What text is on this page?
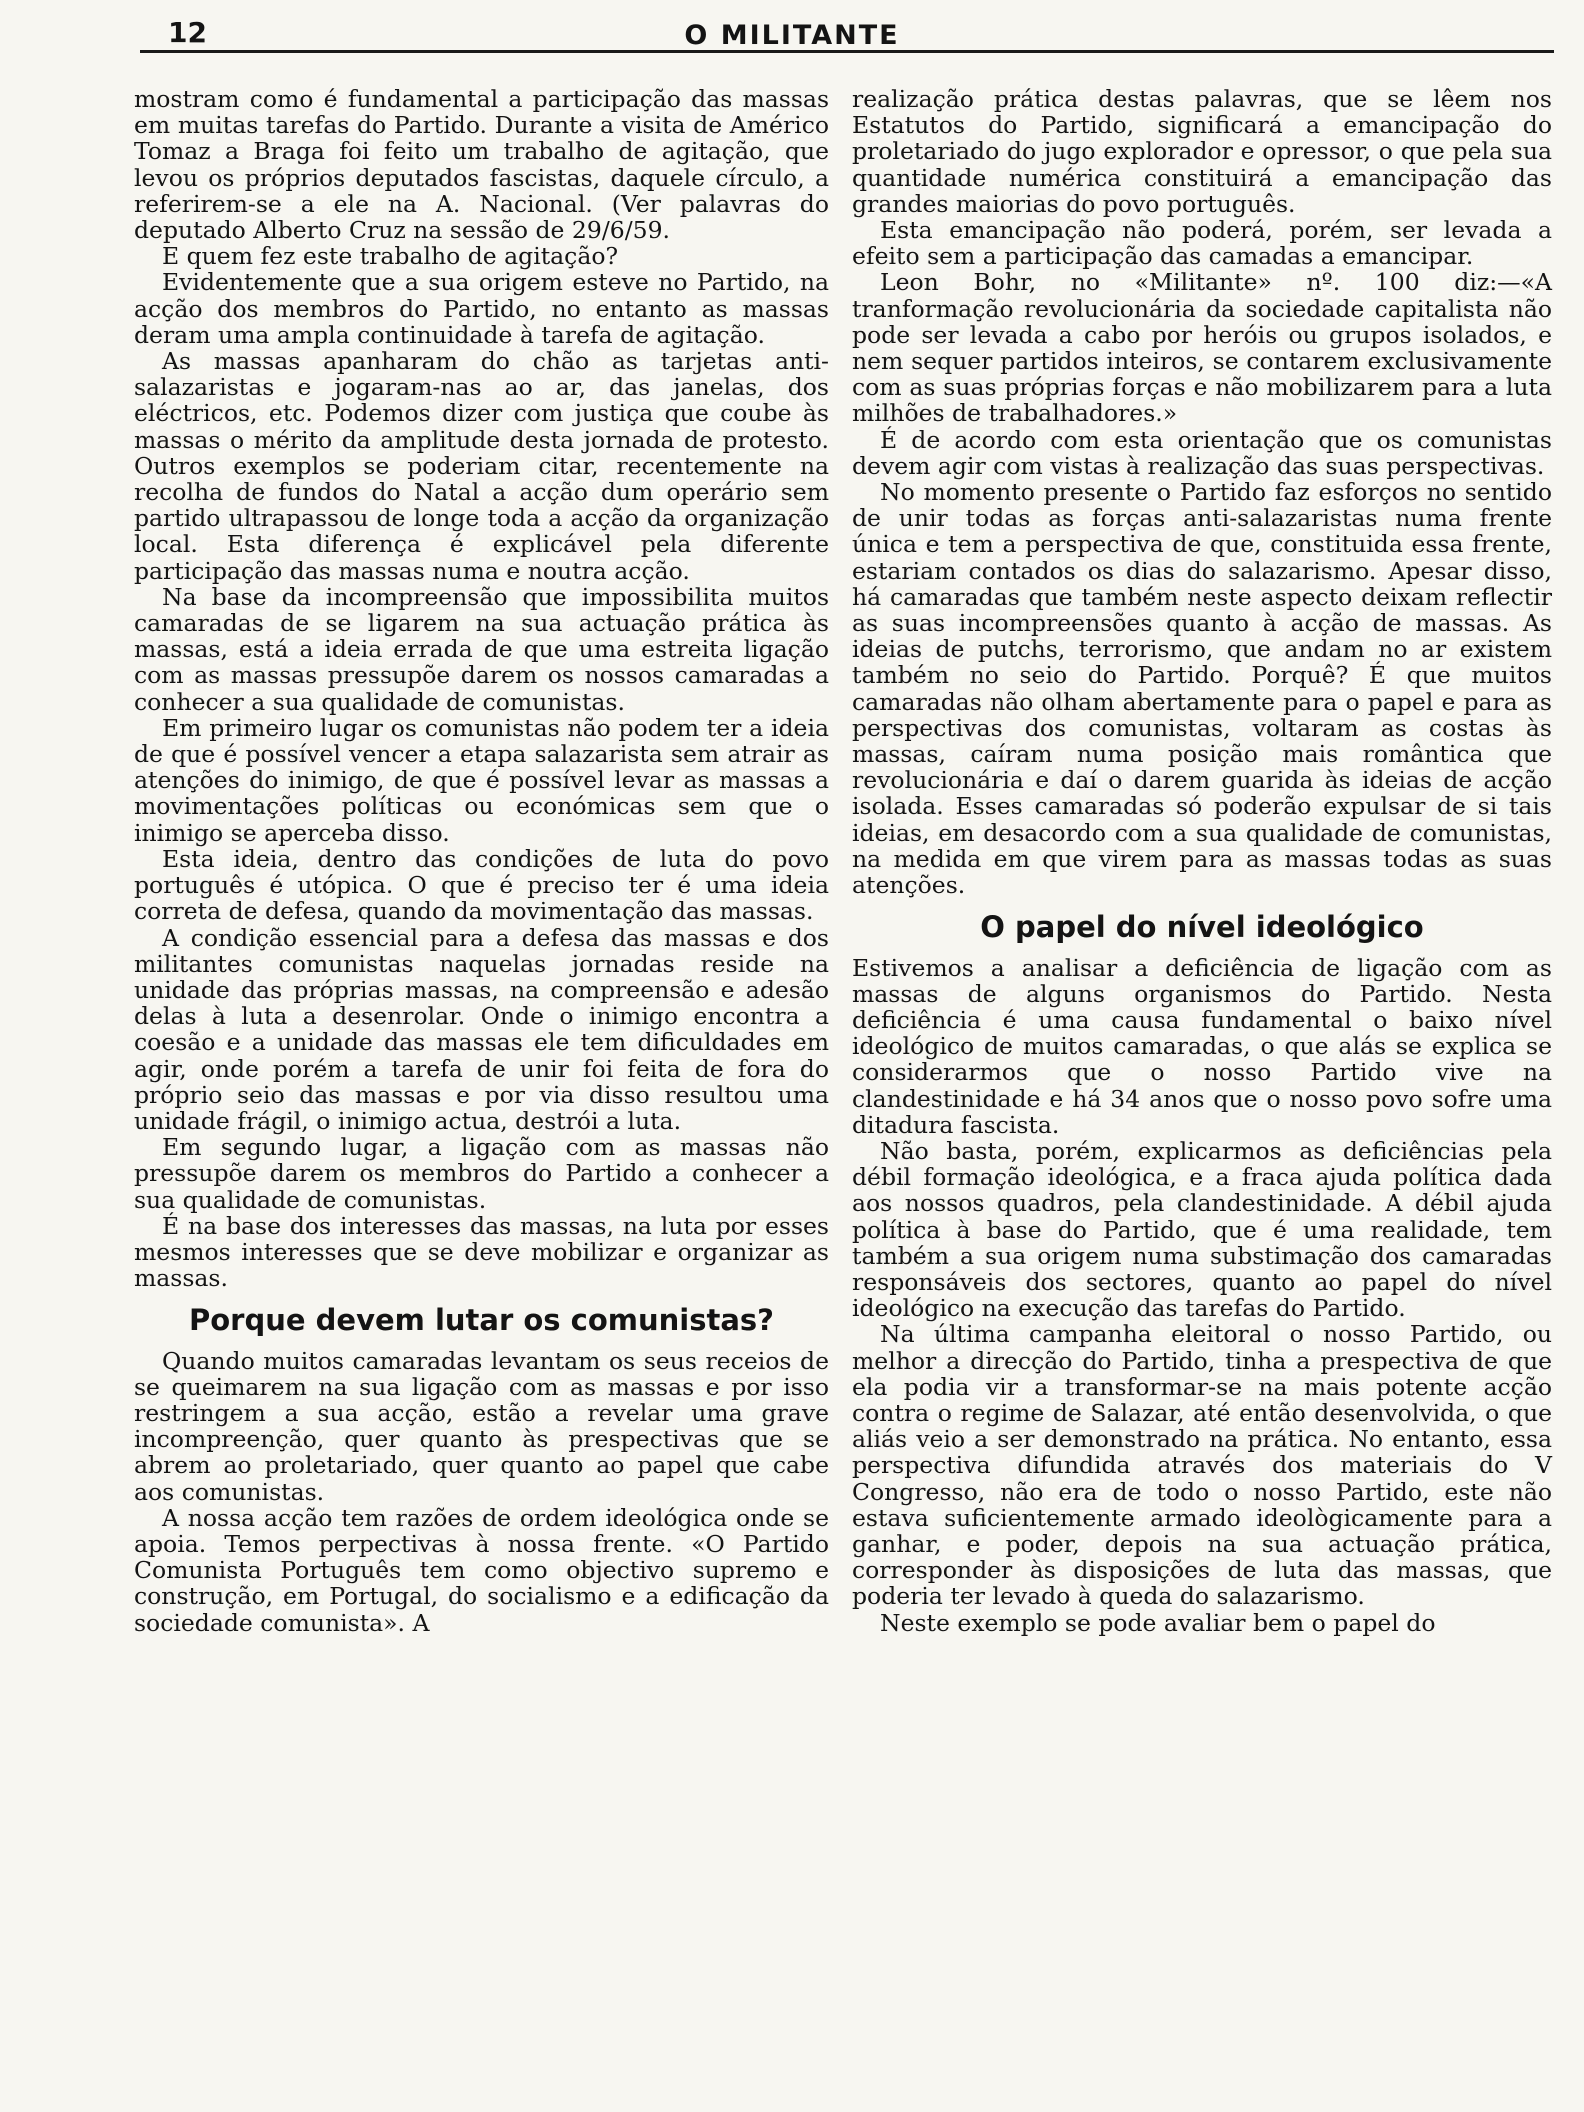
12	O MILITANTE

mostram como é fundamental a participação das massas em muitas tarefas do Partido. Durante a visita de Américo Tomaz a Braga foi feito um trabalho de agitação, que levou os próprios deputados fascistas, daquele círculo, a referirem-se a ele na A. Nacional. (Ver palavras do deputado Alberto Cruz na sessão de 29/6/59.

E quem fez este trabalho de agitação?

Evidentemente que a sua origem esteve no Partido, na acção dos membros do Partido, no entanto as massas deram uma ampla continuidade à tarefa de agitação.

As massas apanharam do chão as tarjetas anti-salazaristas e jogaram-nas ao ar, das janelas, dos eléctricos, etc. Podemos dizer com justiça que coube às massas o mérito da amplitude desta jornada de protesto. Outros exemplos se poderiam citar, recentemente na recolha de fundos do Natal a acção dum operário sem partido ultrapassou de longe toda a acção da organização local. Esta diferença é explicável pela diferente participação das massas numa e noutra acção.

Na base da incompreensão que impossibilita muitos camaradas de se ligarem na sua actuação prática às massas, está a ideia errada de que uma estreita ligação com as massas pressupõe darem os nossos camaradas a conhecer a sua qualidade de comunistas.

Em primeiro lugar os comunistas não podem ter a ideia de que é possível vencer a etapa salazarista sem atrair as atenções do inimigo, de que é possível levar as massas a movimentações políticas ou económicas sem que o inimigo se aperceba disso.

Esta ideia, dentro das condições de luta do povo português é utópica. O que é preciso ter é uma ideia correta de defesa, quando da movimentação das massas.

A condição essencial para a defesa das massas e dos militantes comunistas naquelas jornadas reside na unidade das próprias massas, na compreensão e adesão delas à luta a desenrolar. Onde o inimigo encontra a coesão e a unidade das massas ele tem dificuldades em agir, onde porém a tarefa de unir foi feita de fora do próprio seio das massas e por via disso resultou uma unidade frágil, o inimigo actua, destrói a luta.

Em segundo lugar, a ligação com as massas não pressupõe darem os membros do Partido a conhecer a sua qualidade de comunistas.

É na base dos interesses das massas, na luta por esses mesmos interesses que se deve mobilizar e organizar as massas.

Porque devem lutar os comunistas?

Quando muitos camaradas levantam os seus receios de se queimarem na sua ligação com as massas e por isso restringem a sua acção, estão a revelar uma grave incompreenção, quer quanto às prespectivas que se abrem ao proletariado, quer quanto ao papel que cabe aos comunistas.

A nossa acção tem razões de ordem ideológica onde se apoia. Temos perpectivas à nossa frente. «O Partido Comunista Português tem como objectivo supremo e construção, em Portugal, do socialismo e a edificação da sociedade comunista». A

realização prática destas palavras, que se lêem nos Estatutos do Partido, significará a emancipação do proletariado do jugo explorador e opressor, o que pela sua quantidade numérica constituirá a emancipação das grandes maiorias do povo português.

Esta emancipação não poderá, porém, ser levada a efeito sem a participação das camadas a emancipar.

Leon Bohr, no «Militante» nº. 100 diz:—«A tranformação revolucionária da sociedade capitalista não pode ser levada a cabo por heróis ou grupos isolados, e nem sequer partidos inteiros, se contarem exclusivamente com as suas próprias forças e não mobilizarem para a luta milhões de trabalhadores.»

É de acordo com esta orientação que os comunistas devem agir com vistas à realização das suas perspectivas.

No momento presente o Partido faz esforços no sentido de unir todas as forças anti-salazaristas numa frente única e tem a perspectiva de que, constituida essa frente, estariam contados os dias do salazarismo. Apesar disso, há camaradas que também neste aspecto deixam reflectir as suas incompreensões quanto à acção de massas. As ideias de putchs, terrorismo, que andam no ar existem também no seio do Partido. Porquê? É que muitos camaradas não olham abertamente para o papel e para as perspectivas dos comunistas, voltaram as costas às massas, caíram numa posição mais romântica que revolucionária e daí o darem guarida às ideias de acção isolada. Esses camaradas só poderão expulsar de si tais ideias, em desacordo com a sua qualidade de comunistas, na medida em que virem para as massas todas as suas atenções.

O papel do nível ideológico

Estivemos a analisar a deficiência de ligação com as massas de alguns organismos do Partido. Nesta deficiência é uma causa fundamental o baixo nível ideológico de muitos camaradas, o que alás se explica se considerarmos que o nosso Partido vive na clandestinidade e há 34 anos que o nosso povo sofre uma ditadura fascista.

Não basta, porém, explicarmos as deficiências pela débil formação ideológica, e a fraca ajuda política dada aos nossos quadros, pela clandestinidade. A débil ajuda política à base do Partido, que é uma realidade, tem também a sua origem numa substimação dos camaradas responsáveis dos sectores, quanto ao papel do nível ideológico na execução das tarefas do Partido.

Na última campanha eleitoral o nosso Partido, ou melhor a direcção do Partido, tinha a prespectiva de que ela podia vir a transformar-se na mais potente acção contra o regime de Salazar, até então desenvolvida, o que aliás veio a ser demonstrado na prática. No entanto, essa perspectiva difundida através dos materiais do V Congresso, não era de todo o nosso Partido, este não estava suficientemente armado ideològicamente para a ganhar, e poder, depois na sua actuação prática, corresponder às disposições de luta das massas, que poderia ter levado à queda do salazarismo.

Neste exemplo se pode avaliar bem o papel do
